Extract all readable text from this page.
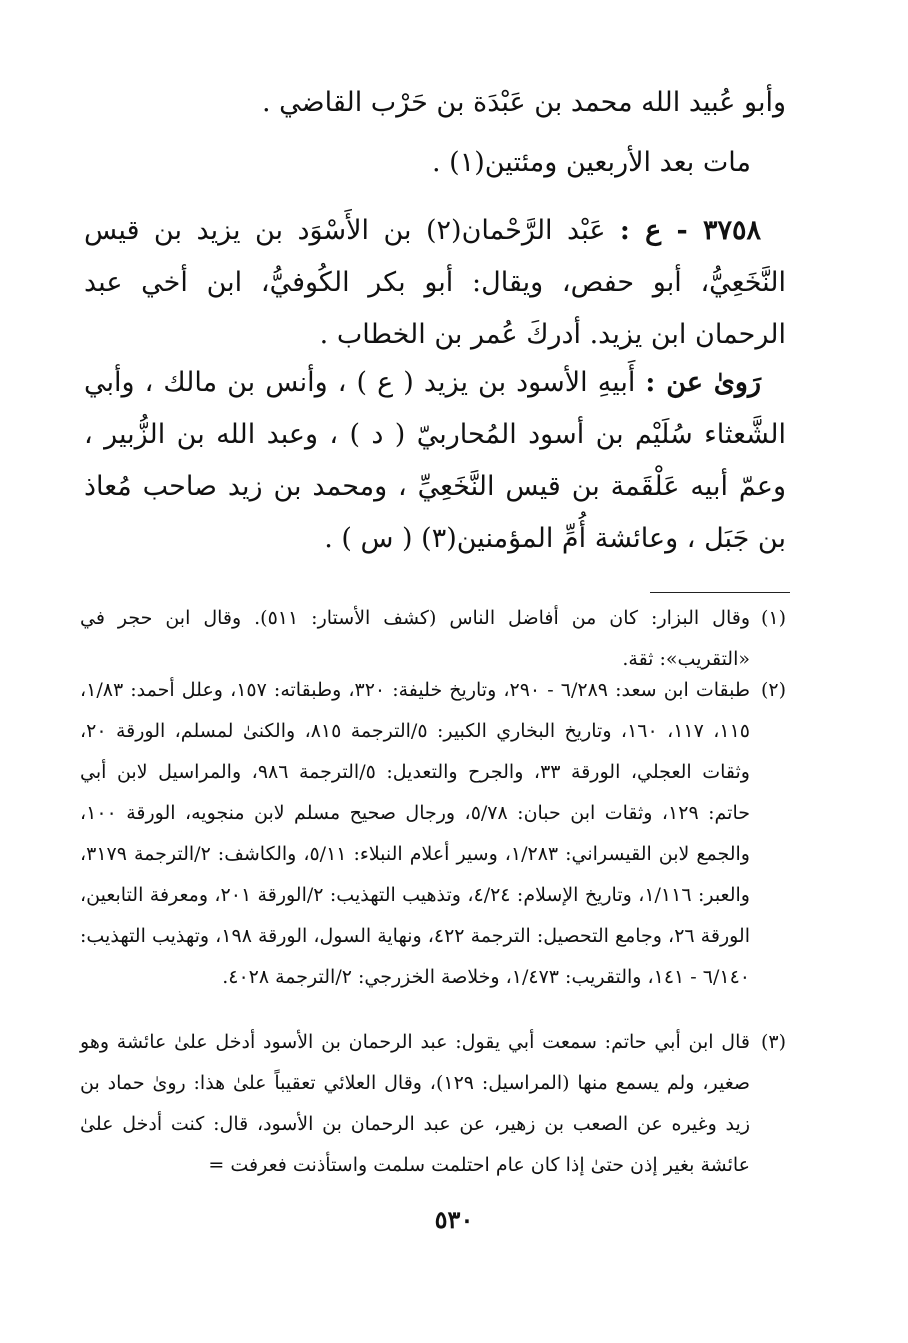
وأبو عُبيد الله محمد بن عَبْدَة بن حَرْب القاضي .
مات بعد الأربعين ومئتين(١) .
٣٧٥٨ - ع : عَبْد الرَّحْمان(٢) بن الأَسْوَد بن يزيد بن قيس النَّخَعِيُّ، أبو حفص، ويقال: أبو بكر الكُوفيُّ، ابن أخي عبد الرحمان ابن يزيد. أدركَ عُمر بن الخطاب .
رَوىٰ عن : أَبيهِ الأسود بن يزيد ( ع ) ، وأنس بن مالك ، وأبي الشَّعثاء سُلَيْم بن أسود المُحاربيّ ( د ) ، وعبد الله بن الزُّبير ، وعمّ أبيه عَلْقَمة بن قيس النَّخَعِيِّ ، ومحمد بن زيد صاحب مُعاذ بن جَبَل ، وعائشة أُمِّ المؤمنين(٣) ( س ) .
(١)
وقال البزار: كان من أفاضل الناس (كشف الأستار: ٥١١). وقال ابن حجر في «التقريب»: ثقة.
(٢)
طبقات ابن سعد: ٦/٢٨٩ - ٢٩٠، وتاريخ خليفة: ٣٢٠، وطبقاته: ١٥٧، وعلل أحمد: ١/٨٣، ١١٥، ١١٧، ١٦٠، وتاريخ البخاري الكبير: ٥/الترجمة ٨١٥، والكنىٰ لمسلم، الورقة ٢٠، وثقات العجلي، الورقة ٣٣، والجرح والتعديل: ٥/الترجمة ٩٨٦، والمراسيل لابن أبي حاتم: ١٢٩، وثقات ابن حبان: ٥/٧٨، ورجال صحيح مسلم لابن منجويه، الورقة ١٠٠، والجمع لابن القيسراني: ١/٢٨٣، وسير أعلام النبلاء: ٥/١١، والكاشف: ٢/الترجمة ٣١٧٩، والعبر: ١/١١٦، وتاريخ الإسلام: ٤/٢٤، وتذهيب التهذيب: ٢/الورقة ٢٠١، ومعرفة التابعين، الورقة ٢٦، وجامع التحصيل: الترجمة ٤٢٢، ونهاية السول، الورقة ١٩٨، وتهذيب التهذيب: ٦/١٤٠ - ١٤١، والتقريب: ١/٤٧٣، وخلاصة الخزرجي: ٢/الترجمة ٤٠٢٨.
(٣)
قال ابن أبي حاتم: سمعت أبي يقول: عبد الرحمان بن الأسود أدخل علىٰ عائشة وهو صغير، ولم يسمع منها (المراسيل: ١٢٩)، وقال العلائي تعقيباً علىٰ هذا: روىٰ حماد بن زيد وغيره عن الصعب بن زهير، عن عبد الرحمان بن الأسود، قال: كنت أدخل علىٰ عائشة بغير إذن حتىٰ إذا كان عام احتلمت سلمت واستأذنت فعرفت =
٥٣٠
